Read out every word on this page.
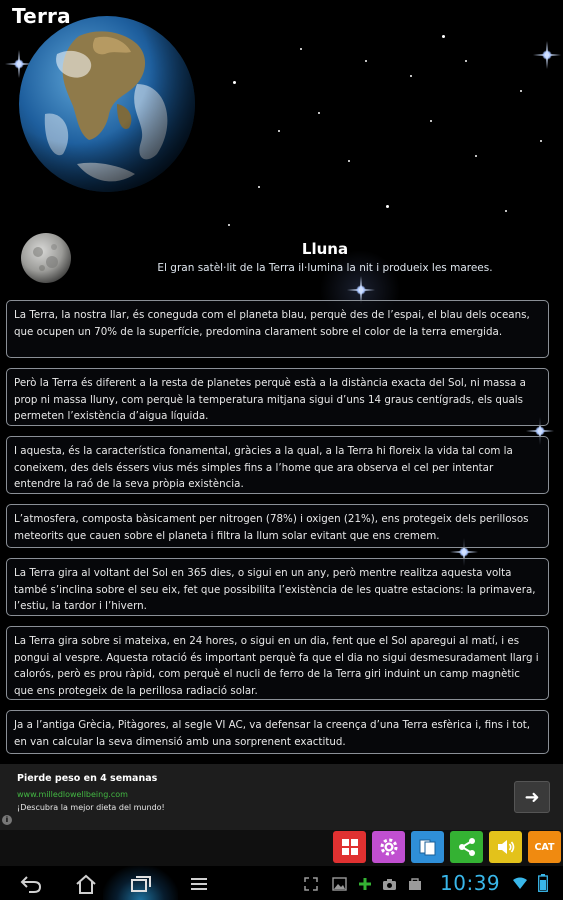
Terra
Lluna
El gran satèl·lit de la Terra il·lumina la nit i produeix les marees.
La Terra, la nostra llar, és coneguda com el planeta blau, perquè des de l’espai, el blau dels oceans, que ocupen un 70% de la superfície, predomina clarament sobre el color de la terra emergida.
Però la Terra és diferent a la resta de planetes perquè està a la distància exacta del Sol, ni massa a prop ni massa lluny, com perquè la temperatura mitjana sigui d’uns 14 graus centígrads, els quals permeten l’existència d’aigua líquida.
I aquesta, és la característica fonamental, gràcies a la qual, a la Terra hi floreix la vida tal com la coneixem, des dels éssers vius més simples fins a l’home que ara observa el cel per intentar entendre la raó de la seva pròpia existència.
L’atmosfera, composta bàsicament per nitrogen (78%) i oxigen (21%), ens protegeix dels perillosos meteorits que cauen sobre el planeta i filtra la llum solar evitant que ens cremem.
La Terra gira al voltant del Sol en 365 dies, o sigui en un any, però mentre realitza aquesta volta també s’inclina sobre el seu eix, fet que possibilita l’existència de les quatre estacions: la primavera, l’estiu, la tardor i l’hivern.
La Terra gira sobre si mateixa, en 24 hores, o sigui en un dia, fent que el Sol aparegui al matí, i es pongui al vespre. Aquesta rotació és important perquè fa que el dia no sigui desmesuradament llarg i calorós, però es prou ràpid, com perquè el nucli de ferro de la Terra giri induint un camp magnètic que ens protegeix de la perillosa radiació solar.
Ja a l’antiga Grècia, Pitàgores, al segle VI AC, va defensar la creença d’una Terra esfèrica i, fins i tot, en van calcular la seva dimensió amb una sorprenent exactitud.
Pierde peso en 4 semanas
www.milledlowellbeing.com
¡Descubra la mejor dieta del mundo!	➜
i
CAT
10:39
